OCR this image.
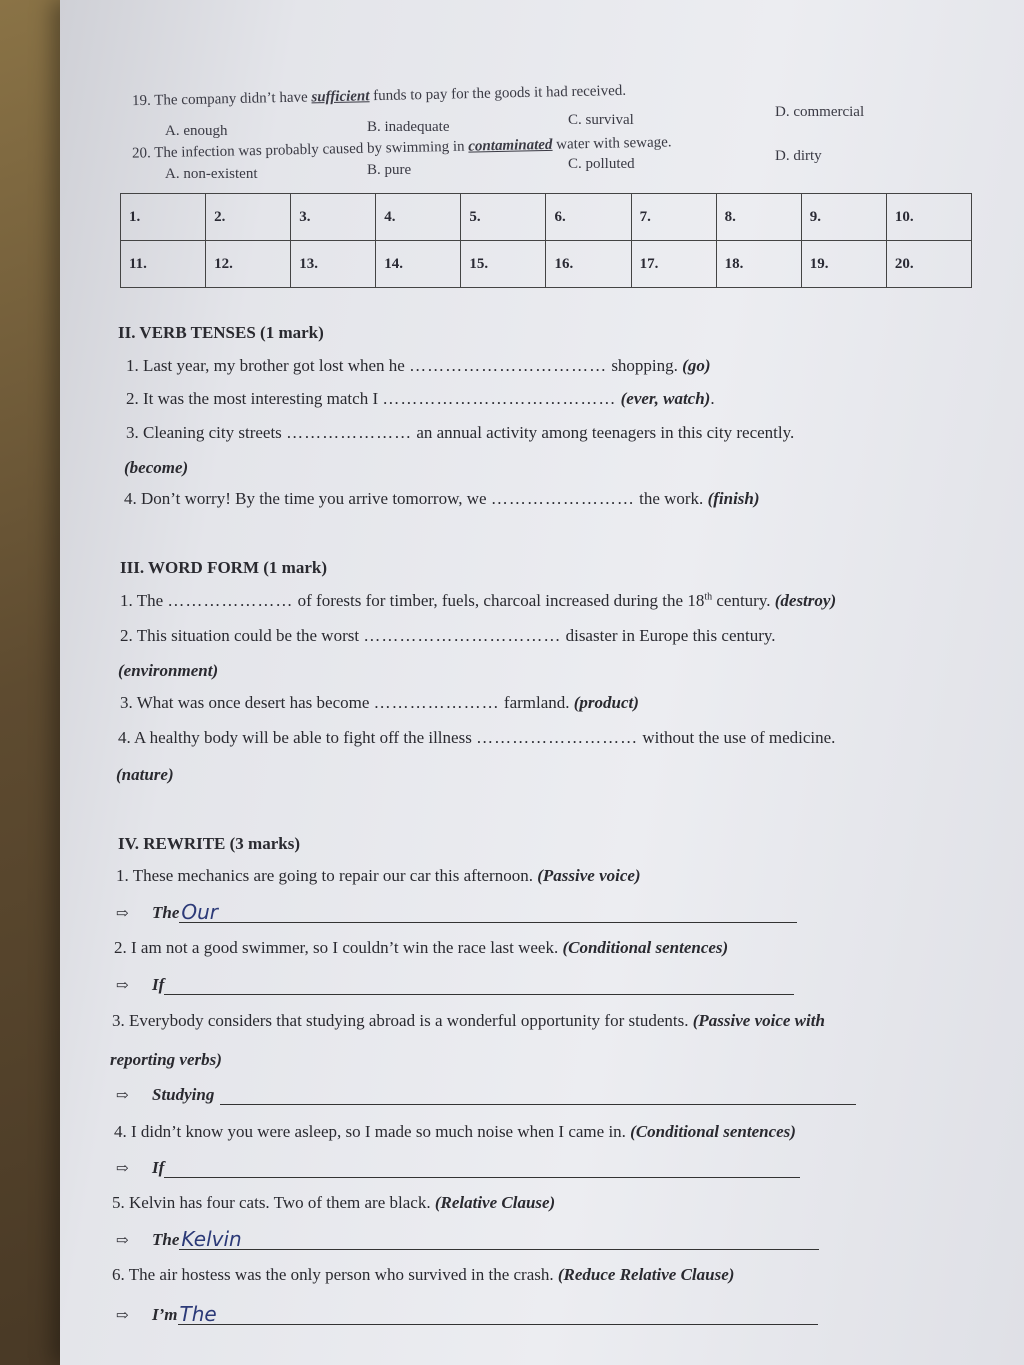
19. The company didn’t have sufficient funds to pay for the goods it had received.
A. enough	B. inadequate	C. survival	D. commercial
20. The infection was probably caused by swimming in contaminated water with sewage.
A. non-existent	B. pure	C. polluted	D. dirty
1.	2.	3.	4.	5.	6.	7.	8.	9.	10.
11.	12.	13.	14.	15.	16.	17.	18.	19.	20.
II. VERB TENSES (1 mark)
1. Last year, my brother got lost when he …………………………… shopping. (go)
2. It was the most interesting match I ………………………………… (ever, watch).
3. Cleaning city streets ………………… an annual activity among teenagers in this city recently.
(become)
4. Don’t worry! By the time you arrive tomorrow, we …………………… the work. (finish)
III. WORD FORM (1 mark)
1. The ………………… of forests for timber, fuels, charcoal increased during the 18th century. (destroy)
2. This situation could be the worst …………………………… disaster in Europe this century.
(environment)
3. What was once desert has become ………………… farmland. (product)
4. A healthy body will be able to fight off the illness ……………………… without the use of medicine.
(nature)
IV. REWRITE (3 marks)
1. These mechanics are going to repair our car this afternoon. (Passive voice)
⇨	The Our
2. I am not a good swimmer, so I couldn’t win the race last week. (Conditional sentences)
⇨	If
3. Everybody considers that studying abroad is a wonderful opportunity for students. (Passive voice with
reporting verbs)
⇨	Studying
4. I didn’t know you were asleep, so I made so much noise when I came in. (Conditional sentences)
⇨	If
5. Kelvin has four cats. Two of them are black. (Relative Clause)
⇨	The Kelvin
6. The air hostess was the only person who survived in the crash. (Reduce Relative Clause)
⇨	I’m The
